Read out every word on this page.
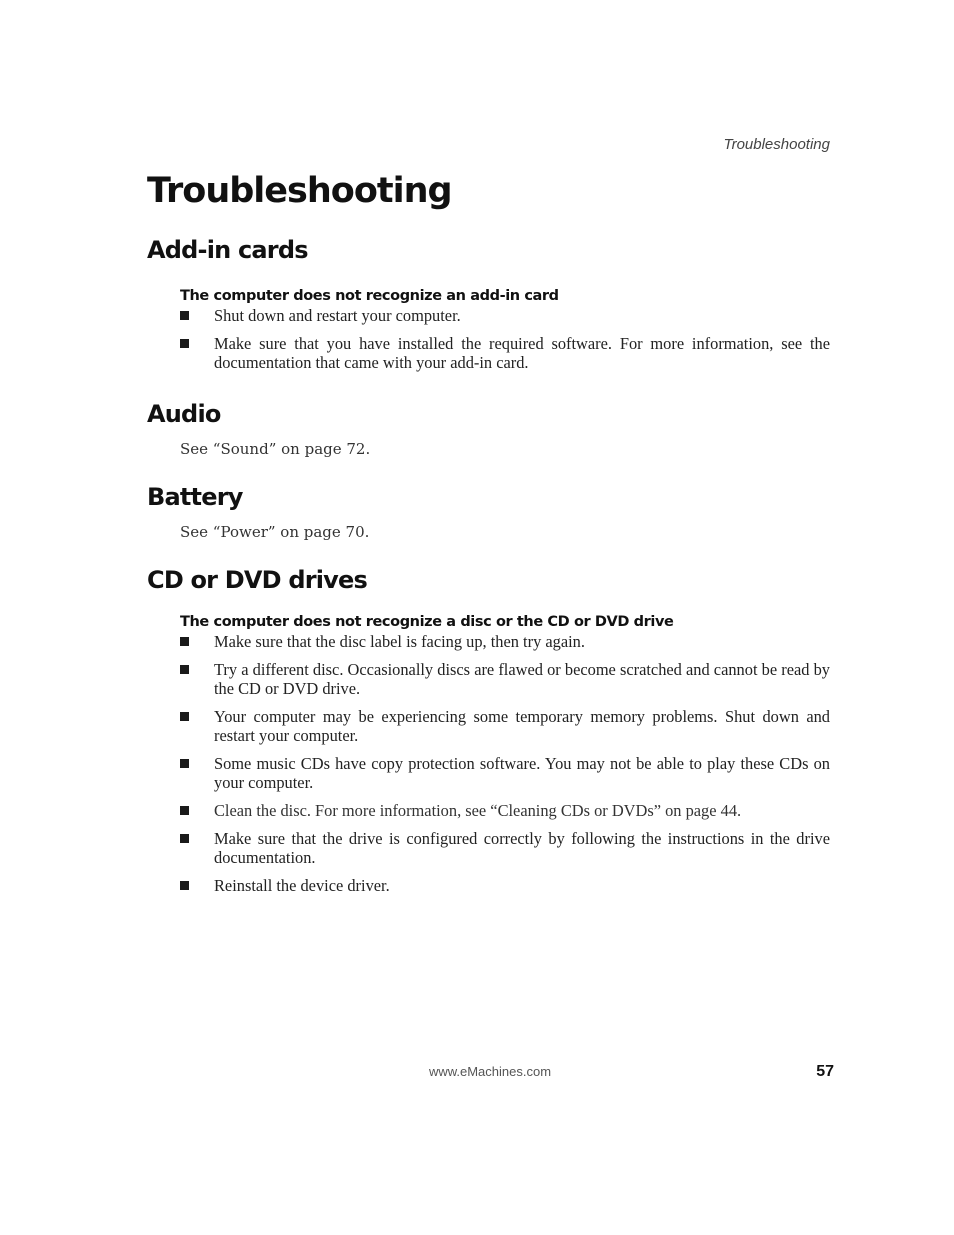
Troubleshooting
Troubleshooting
Add-in cards
The computer does not recognize an add-in card
Shut down and restart your computer.
Make sure that you have installed the required software. For more information, see the documentation that came with your add-in card.
Audio

See “Sound” on page 72.

Battery

See “Power” on page 70.

CD or DVD drives
The computer does not recognize a disc or the CD or DVD drive
Make sure that the disc label is facing up, then try again.
Try a different disc. Occasionally discs are flawed or become scratched and cannot be read by the CD or DVD drive.
Your computer may be experiencing some temporary memory problems. Shut down and restart your computer.
Some music CDs have copy protection software. You may not be able to play these CDs on your computer.
Clean the disc. For more information, see “Cleaning CDs or DVDs” on page 44.
Make sure that the drive is configured correctly by following the instructions in the drive documentation.
Reinstall the device driver.
www.eMachines.com	57
